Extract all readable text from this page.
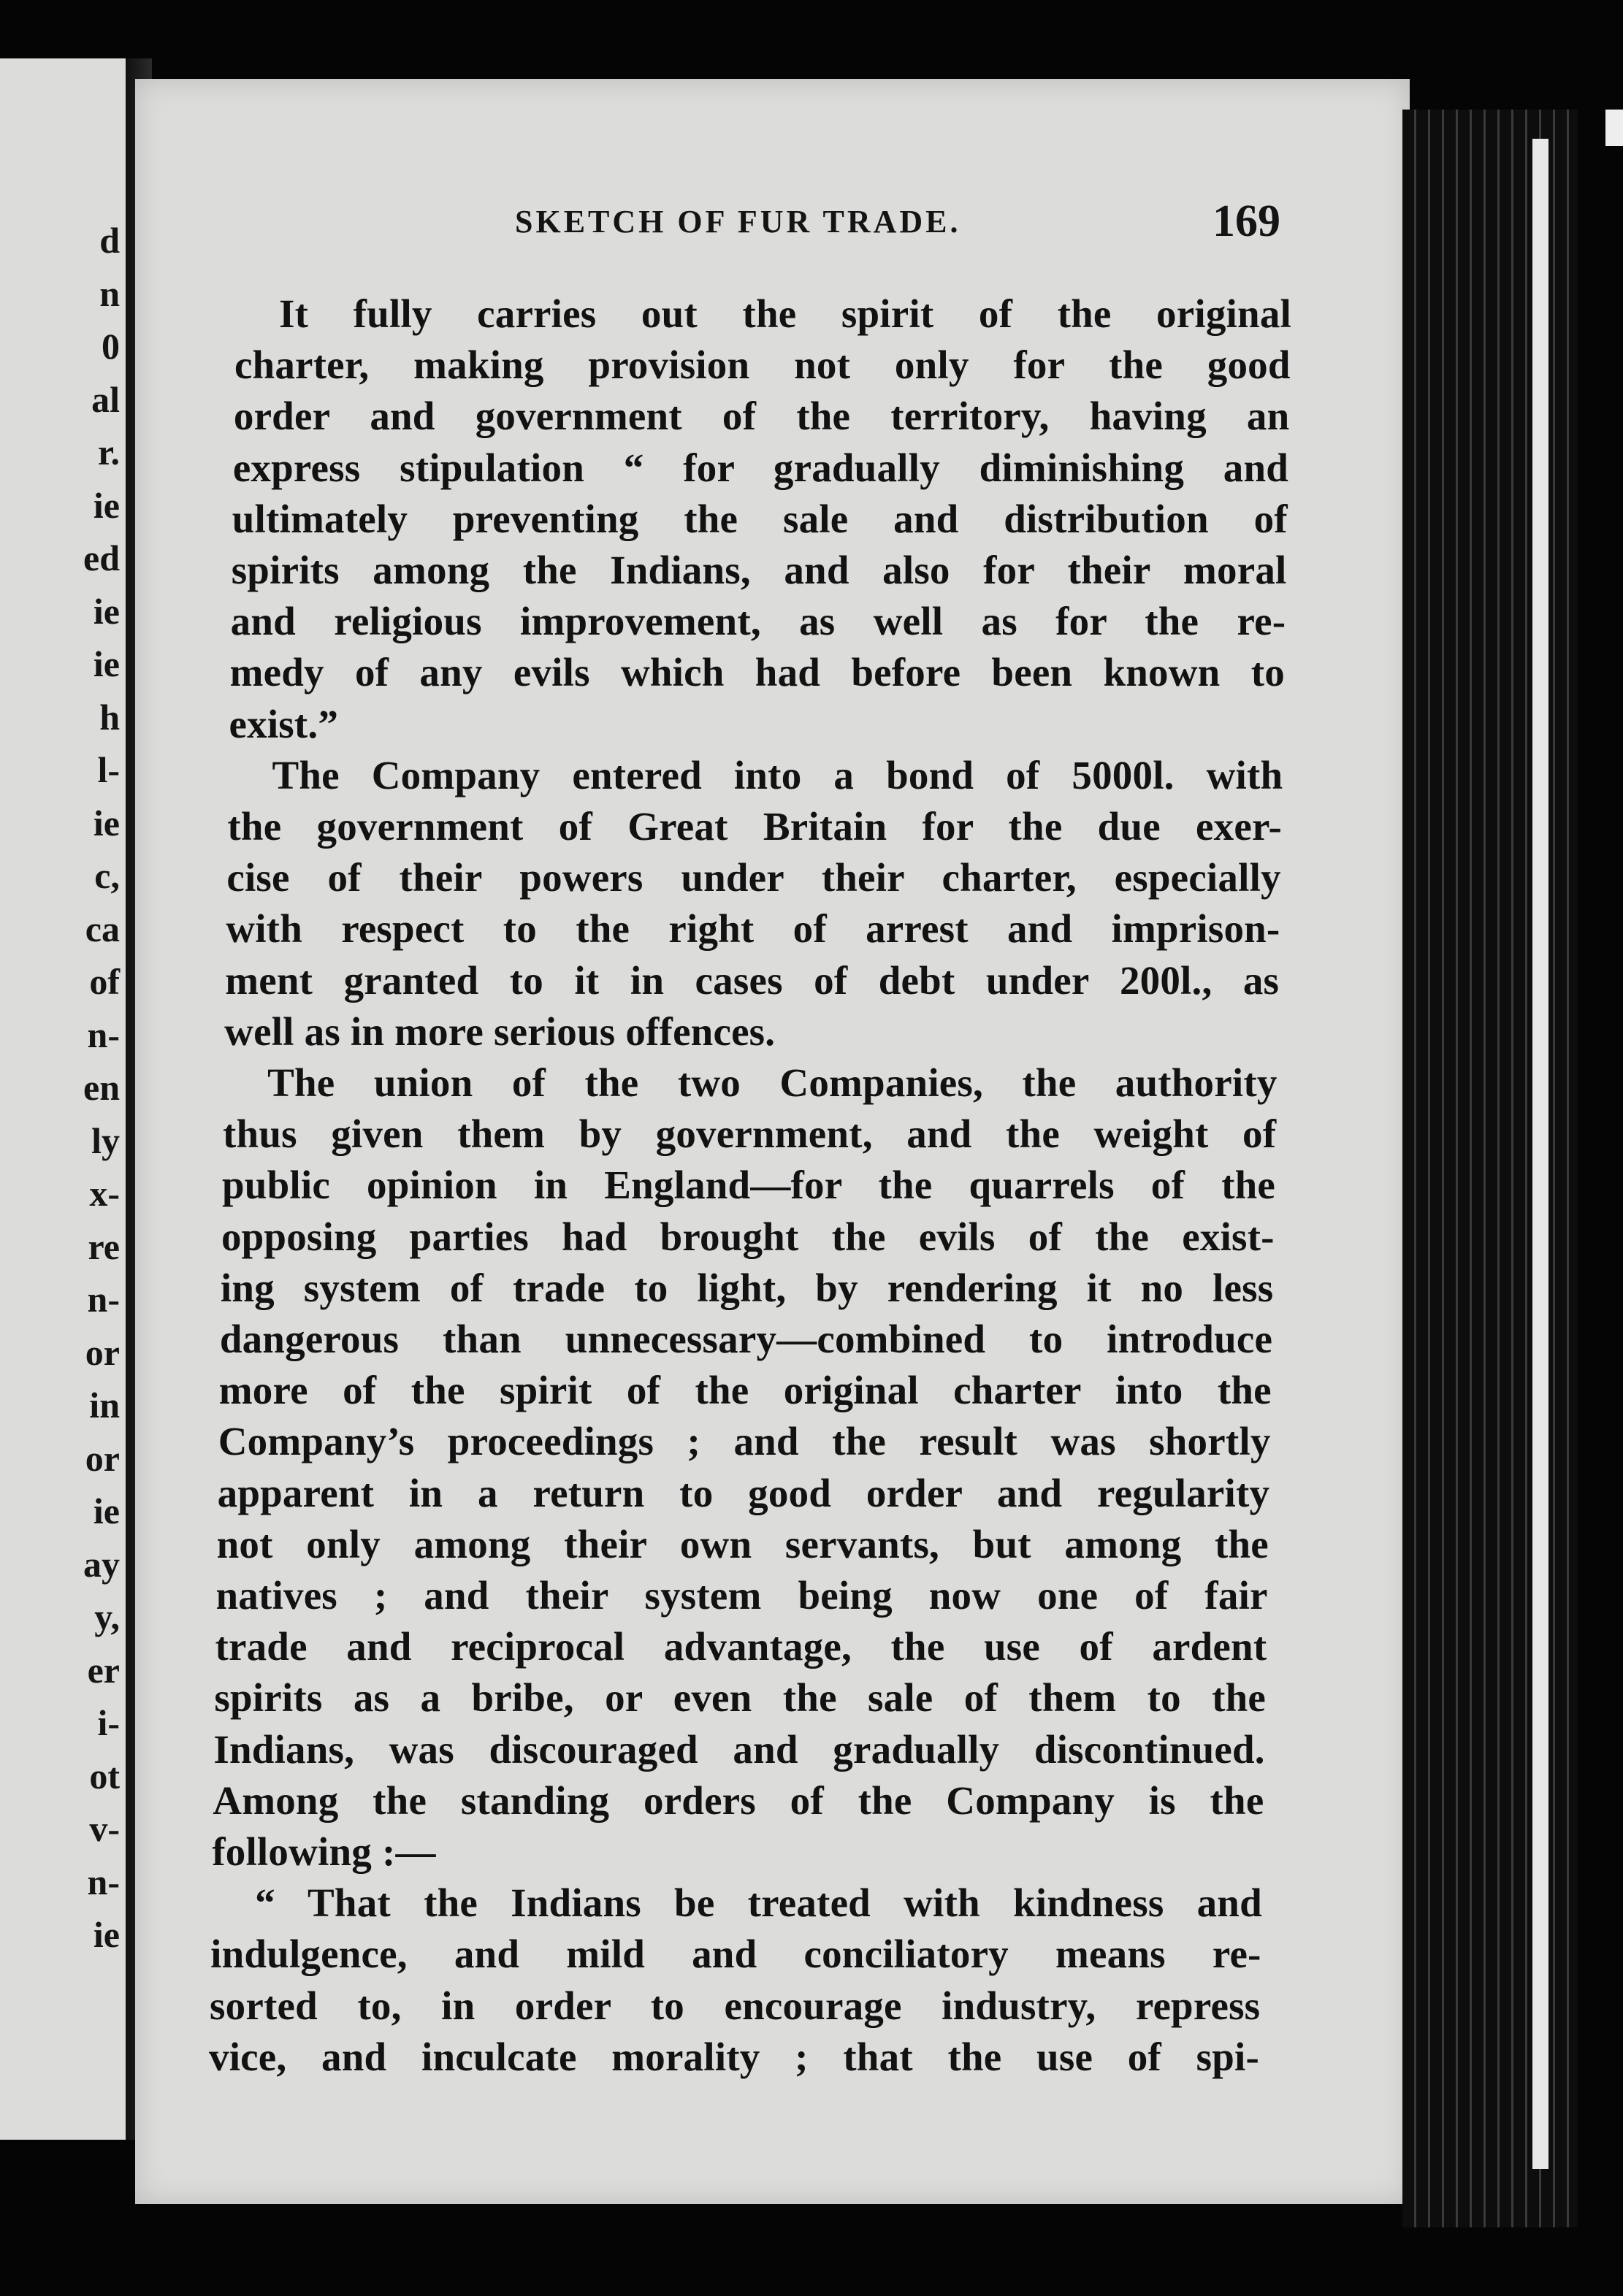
d
n
0
al
r.
ie
ed
ie
ie
h
l-
ie
c,
ca
of
n-
en
ly
x-
re
n-
or
in
or
ie
ay
y,
er
i-
ot
v-
n-
ie
SKETCH OF FUR TRADE.	169
It fully carries out the spirit of the original
charter, making provision not only for the good
order and government of the territory, having an
express stipulation “ for gradually diminishing and
ultimately preventing the sale and distribution of
spirits among the Indians, and also for their moral
and religious improvement, as well as for the re-
medy of any evils which had before been known to
exist.”
The Company entered into a bond of 5000l. with
the government of Great Britain for the due exer-
cise of their powers under their charter, especially
with respect to the right of arrest and imprison-
ment granted to it in cases of debt under 200l., as
well as in more serious offences.
The union of the two Companies, the authority
thus given them by government, and the weight of
public opinion in England—for the quarrels of the
opposing parties had brought the evils of the exist-
ing system of trade to light, by rendering it no less
dangerous than unnecessary—combined to introduce
more of the spirit of the original charter into the
Company’s proceedings ; and the result was shortly
apparent in a return to good order and regularity
not only among their own servants, but among the
natives ; and their system being now one of fair
trade and reciprocal advantage, the use of ardent
spirits as a bribe, or even the sale of them to the
Indians, was discouraged and gradually discontinued.
Among the standing orders of the Company is the
following :—
“ That the Indians be treated with kindness and
indulgence, and mild and conciliatory means re-
sorted to, in order to encourage industry, repress
vice, and inculcate morality ; that the use of spi-
